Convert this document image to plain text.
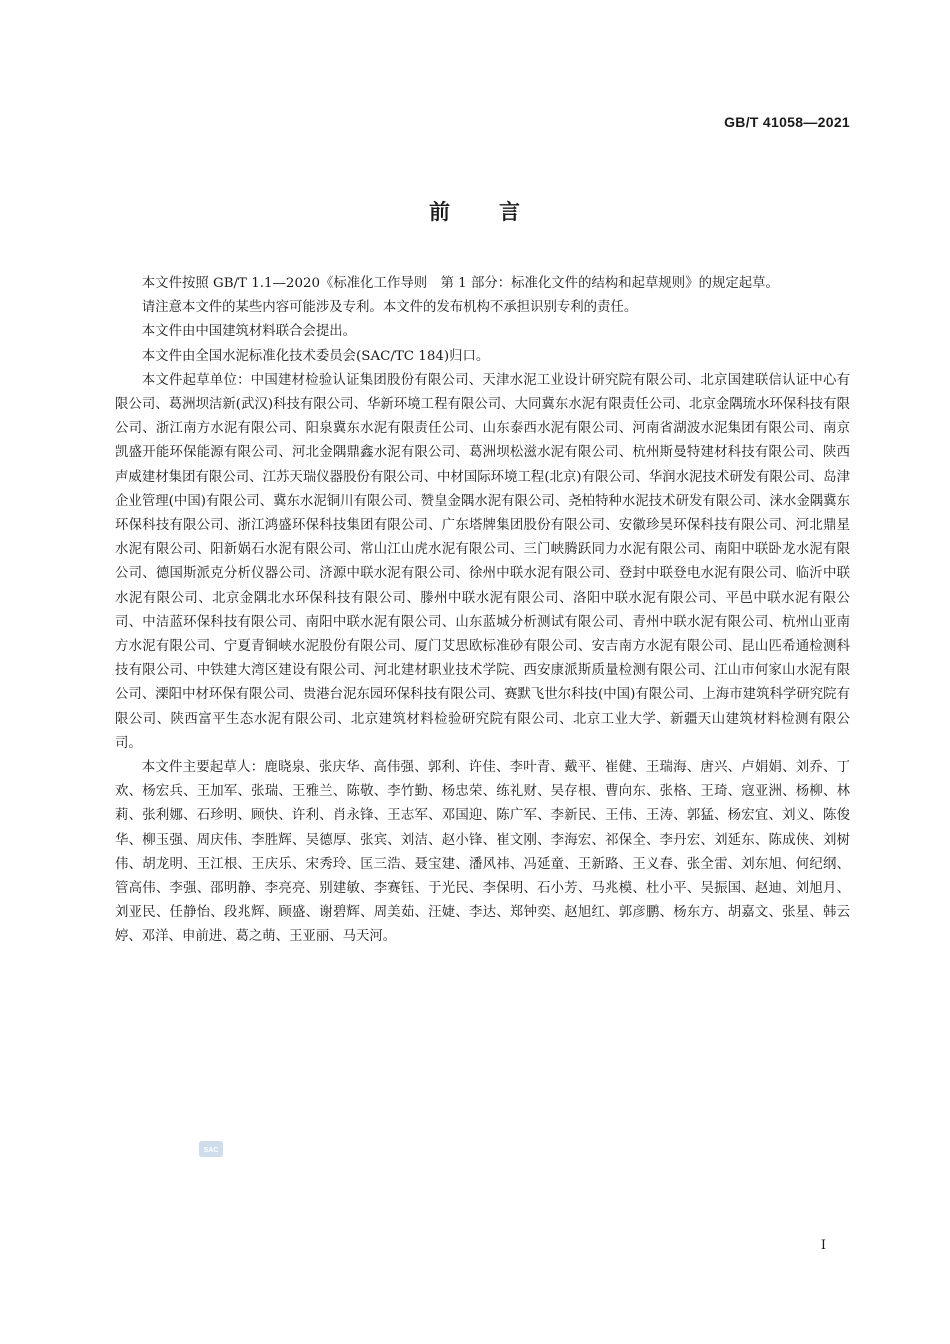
GB/T 41058—2021
前 言

本文件按照 GB/T 1.1—2020《标准化工作导则　第 1 部分：标准化文件的结构和起草规则》的规定起草。

请注意本文件的某些内容可能涉及专利。本文件的发布机构不承担识别专利的责任。

本文件由中国建筑材料联合会提出。

本文件由全国水泥标准化技术委员会(SAC/TC 184)归口。

本文件起草单位：中国建材检验认证集团股份有限公司、天津水泥工业设计研究院有限公司、北京国建联信认证中心有限公司、葛洲坝洁新(武汉)科技有限公司、华新环境工程有限公司、大同冀东水泥有限责任公司、北京金隅琉水环保科技有限公司、浙江南方水泥有限公司、阳泉冀东水泥有限责任公司、山东泰西水泥有限公司、河南省湖波水泥集团有限公司、南京凯盛开能环保能源有限公司、河北金隅鼎鑫水泥有限公司、葛洲坝松滋水泥有限公司、杭州斯曼特建材科技有限公司、陕西声威建材集团有限公司、江苏天瑞仪器股份有限公司、中材国际环境工程(北京)有限公司、华润水泥技术研发有限公司、岛津企业管理(中国)有限公司、冀东水泥铜川有限公司、赞皇金隅水泥有限公司、尧柏特种水泥技术研发有限公司、涞水金隅冀东环保科技有限公司、浙江鸿盛环保科技集团有限公司、广东塔牌集团股份有限公司、安徽珍昊环保科技有限公司、河北鼎星水泥有限公司、阳新娲石水泥有限公司、常山江山虎水泥有限公司、三门峡腾跃同力水泥有限公司、南阳中联卧龙水泥有限公司、德国斯派克分析仪器公司、济源中联水泥有限公司、徐州中联水泥有限公司、登封中联登电水泥有限公司、临沂中联水泥有限公司、北京金隅北水环保科技有限公司、滕州中联水泥有限公司、洛阳中联水泥有限公司、平邑中联水泥有限公司、中洁蓝环保科技有限公司、南阳中联水泥有限公司、山东蓝城分析测试有限公司、青州中联水泥有限公司、杭州山亚南方水泥有限公司、宁夏青铜峡水泥股份有限公司、厦门艾思欧标准砂有限公司、安吉南方水泥有限公司、昆山匹希通检测科技有限公司、中铁建大湾区建设有限公司、河北建材职业技术学院、西安康派斯质量检测有限公司、江山市何家山水泥有限公司、溧阳中材环保有限公司、贵港台泥东园环保科技有限公司、赛默飞世尔科技(中国)有限公司、上海市建筑科学研究院有限公司、陕西富平生态水泥有限公司、北京建筑材料检验研究院有限公司、北京工业大学、新疆天山建筑材料检测有限公司。

本文件主要起草人：鹿晓泉、张庆华、高伟强、郭利、许佳、李叶青、戴平、崔健、王瑞海、唐兴、卢娟娟、刘乔、丁欢、杨宏兵、王加军、张瑞、王雅兰、陈敬、李竹勤、杨忠荣、练礼财、吴存根、曹向东、张格、王琦、寇亚洲、杨柳、林莉、张利娜、石珍明、顾快、许利、肖永锋、王志军、邓国迎、陈广军、李新民、王伟、王涛、郭猛、杨宏宜、刘义、陈俊华、柳玉强、周庆伟、李胜辉、吴德厚、张宾、刘洁、赵小锋、崔文刚、李海宏、祁保全、李丹宏、刘延东、陈成侠、刘树伟、胡龙明、王江根、王庆乐、宋秀玲、匡三浩、聂宝建、潘风祎、冯延童、王新路、王义春、张全雷、刘东旭、何纪纲、管高伟、李强、邵明静、李亮亮、别建敏、李赛钰、于光民、李保明、石小芳、马兆模、杜小平、吴振国、赵迪、刘旭月、刘亚民、任静怡、段兆辉、顾盛、谢碧辉、周美茹、汪婕、李达、郑钟奕、赵旭红、郭彦鹏、杨东方、胡嘉文、张星、韩云婷、邓洋、申前进、葛之萌、王亚丽、马天河。

SAC
I
